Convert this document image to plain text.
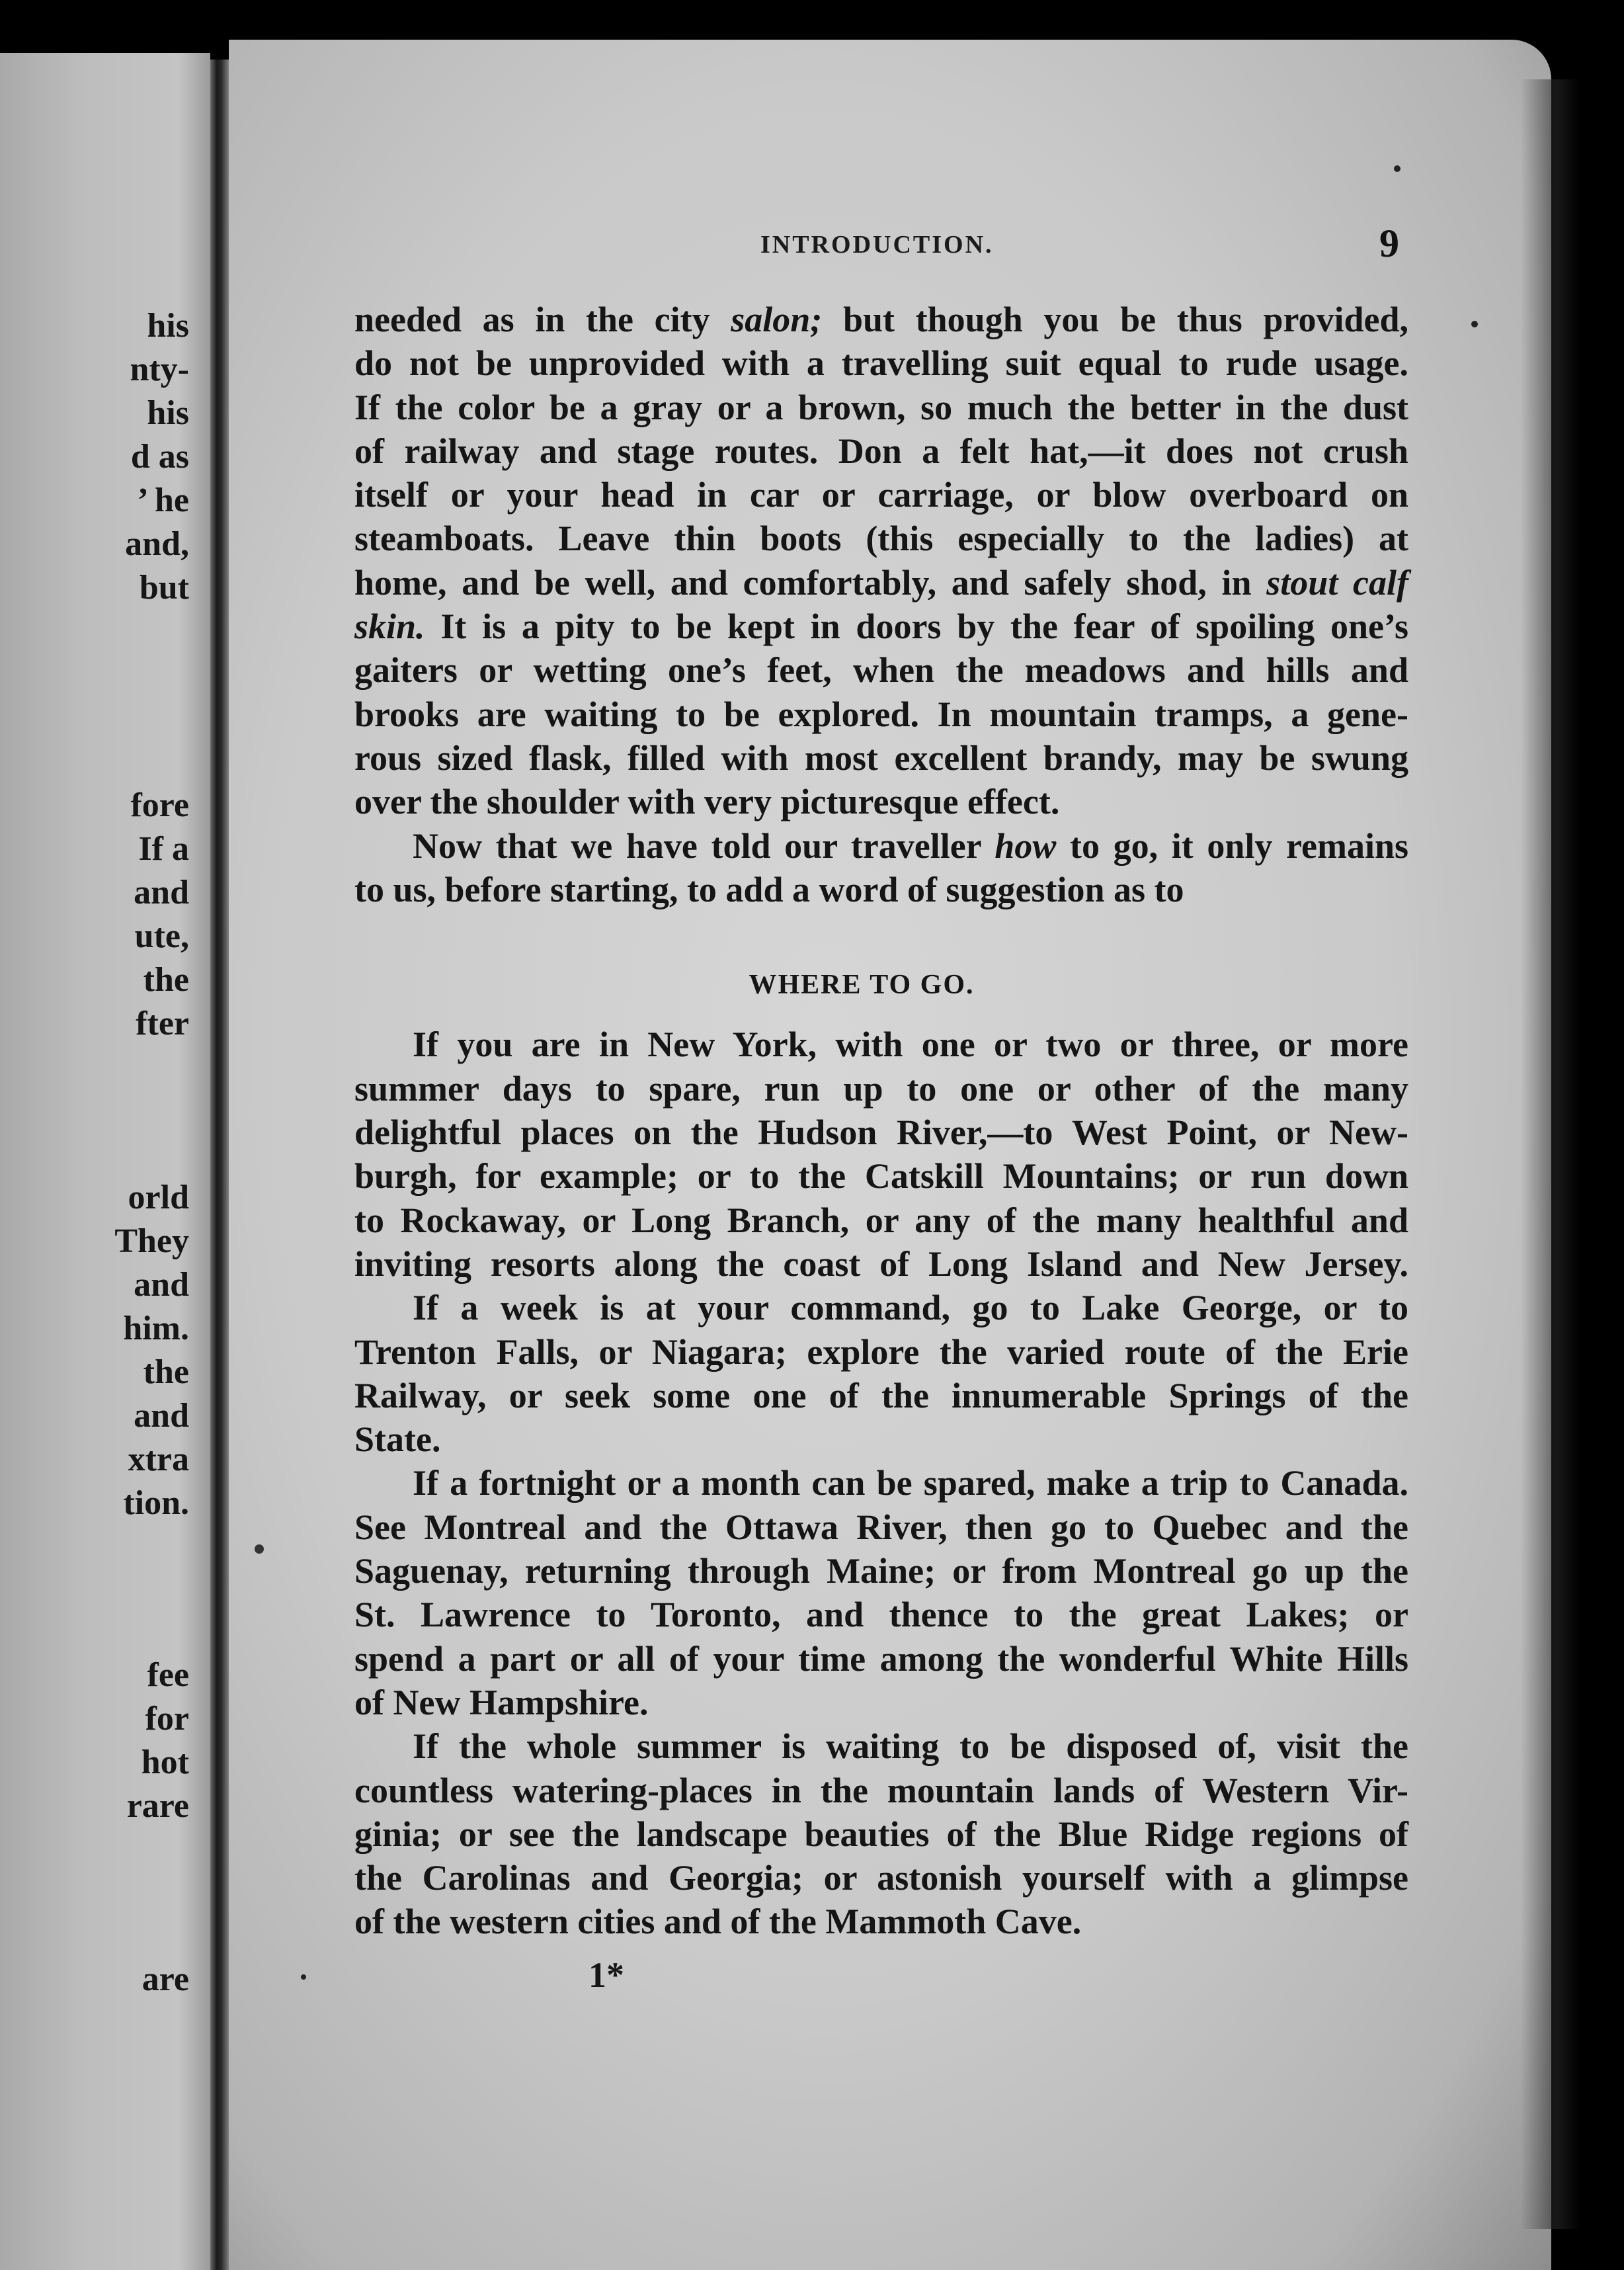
his
nty-
his
d as
’ he
and,
but
fore
If a
and
ute,
the
fter
orld
They
and
him.
the
and
xtra
tion.
fee
for
hot
rare
are
INTRODUCTION.	9
needed as in the city salon; but though you be thus provided,
do not be unprovided with a travelling suit equal to rude usage.
If the color be a gray or a brown, so much the better in the dust
of railway and stage routes. Don a felt hat,—it does not crush
itself or your head in car or carriage, or blow overboard on
steamboats. Leave thin boots (this especially to the ladies) at
home, and be well, and comfortably, and safely shod, in stout calf
skin. It is a pity to be kept in doors by the fear of spoiling one’s
gaiters or wetting one’s feet, when the meadows and hills and
brooks are waiting to be explored. In mountain tramps, a gene-
rous sized flask, filled with most excellent brandy, may be swung
over the shoulder with very picturesque effect.
Now that we have told our traveller how to go, it only remains
to us, before starting, to add a word of suggestion as to
WHERE TO GO.
If you are in New York, with one or two or three, or more
summer days to spare, run up to one or other of the many
delightful places on the Hudson River,—to West Point, or New-
burgh, for example; or to the Catskill Mountains; or run down
to Rockaway, or Long Branch, or any of the many healthful and
inviting resorts along the coast of Long Island and New Jersey.
If a week is at your command, go to Lake George, or to
Trenton Falls, or Niagara; explore the varied route of the Erie
Railway, or seek some one of the innumerable Springs of the
State.
If a fortnight or a month can be spared, make a trip to Canada.
See Montreal and the Ottawa River, then go to Quebec and the
Saguenay, returning through Maine; or from Montreal go up the
St. Lawrence to Toronto, and thence to the great Lakes; or
spend a part or all of your time among the wonderful White Hills
of New Hampshire.
If the whole summer is waiting to be disposed of, visit the
countless watering-places in the mountain lands of Western Vir-
ginia; or see the landscape beauties of the Blue Ridge regions of
the Carolinas and Georgia; or astonish yourself with a glimpse
of the western cities and of the Mammoth Cave.
1*
